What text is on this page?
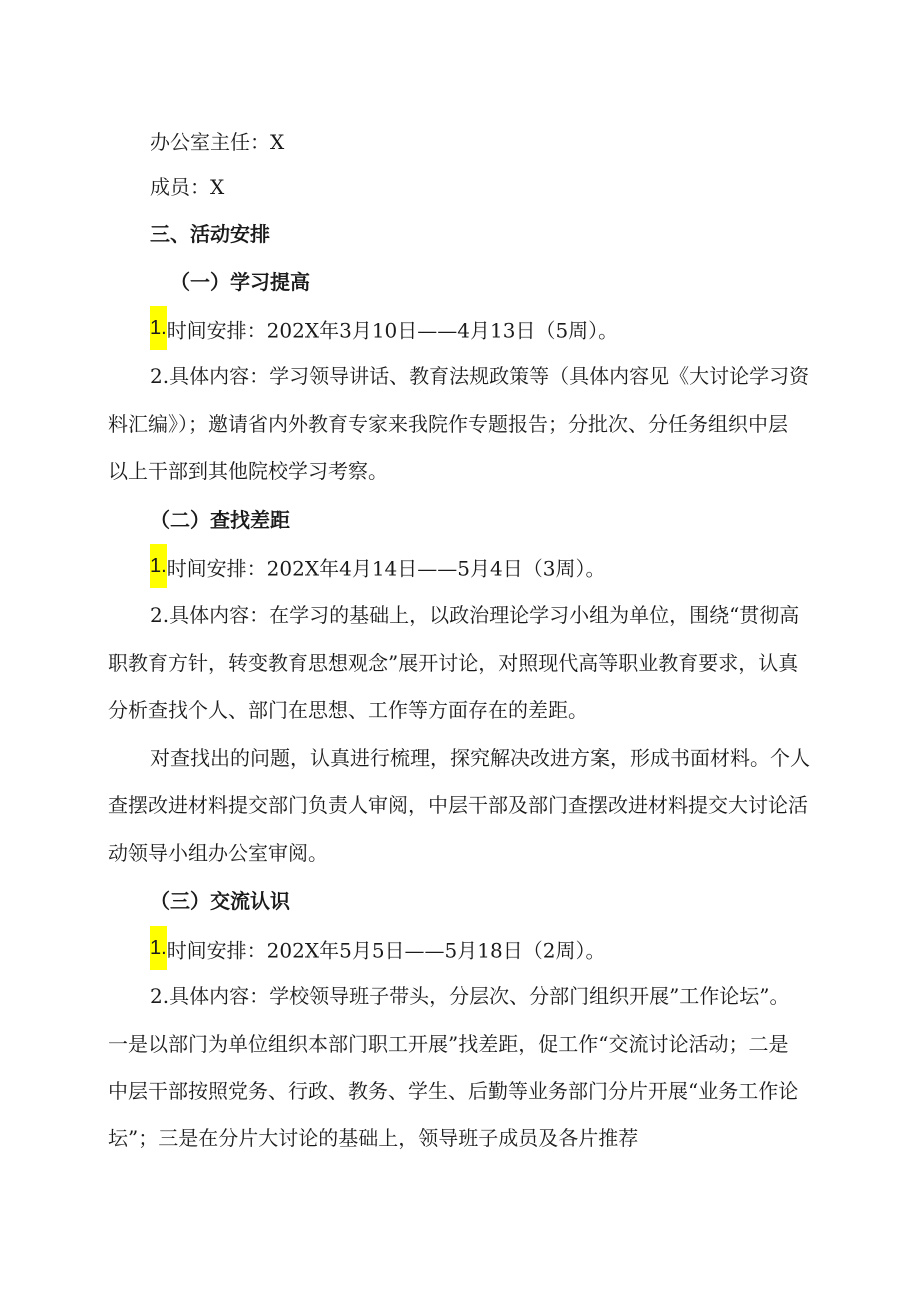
办公室主任：X
成员：X
三、活动安排
（一）学习提高
1.时间安排：202X年3月10日——4月13日（5周）。
2.具体内容：学习领导讲话、教育法规政策等（具体内容见《大讨论学习资
料汇编》）；邀请省内外教育专家来我院作专题报告；分批次、分任务组织中层
以上干部到其他院校学习考察。
（二）查找差距
1.时间安排：202X年4月14日——5月4日（3周）。
2.具体内容：在学习的基础上，以政治理论学习小组为单位，围绕“贯彻高
职教育方针，转变教育思想观念”展开讨论，对照现代高等职业教育要求，认真
分析查找个人、部门在思想、工作等方面存在的差距。
对查找出的问题，认真进行梳理，探究解决改进方案，形成书面材料。个人
查摆改进材料提交部门负责人审阅，中层干部及部门查摆改进材料提交大讨论活
动领导小组办公室审阅。
（三）交流认识
1.时间安排：202X年5月5日——5月18日（2周）。
2.具体内容：学校领导班子带头，分层次、分部门组织开展”工作论坛”。
一是以部门为单位组织本部门职工开展”找差距，促工作“交流讨论活动；二是
中层干部按照党务、行政、教务、学生、后勤等业务部门分片开展“业务工作论
坛”；三是在分片大讨论的基础上，领导班子成员及各片推荐
